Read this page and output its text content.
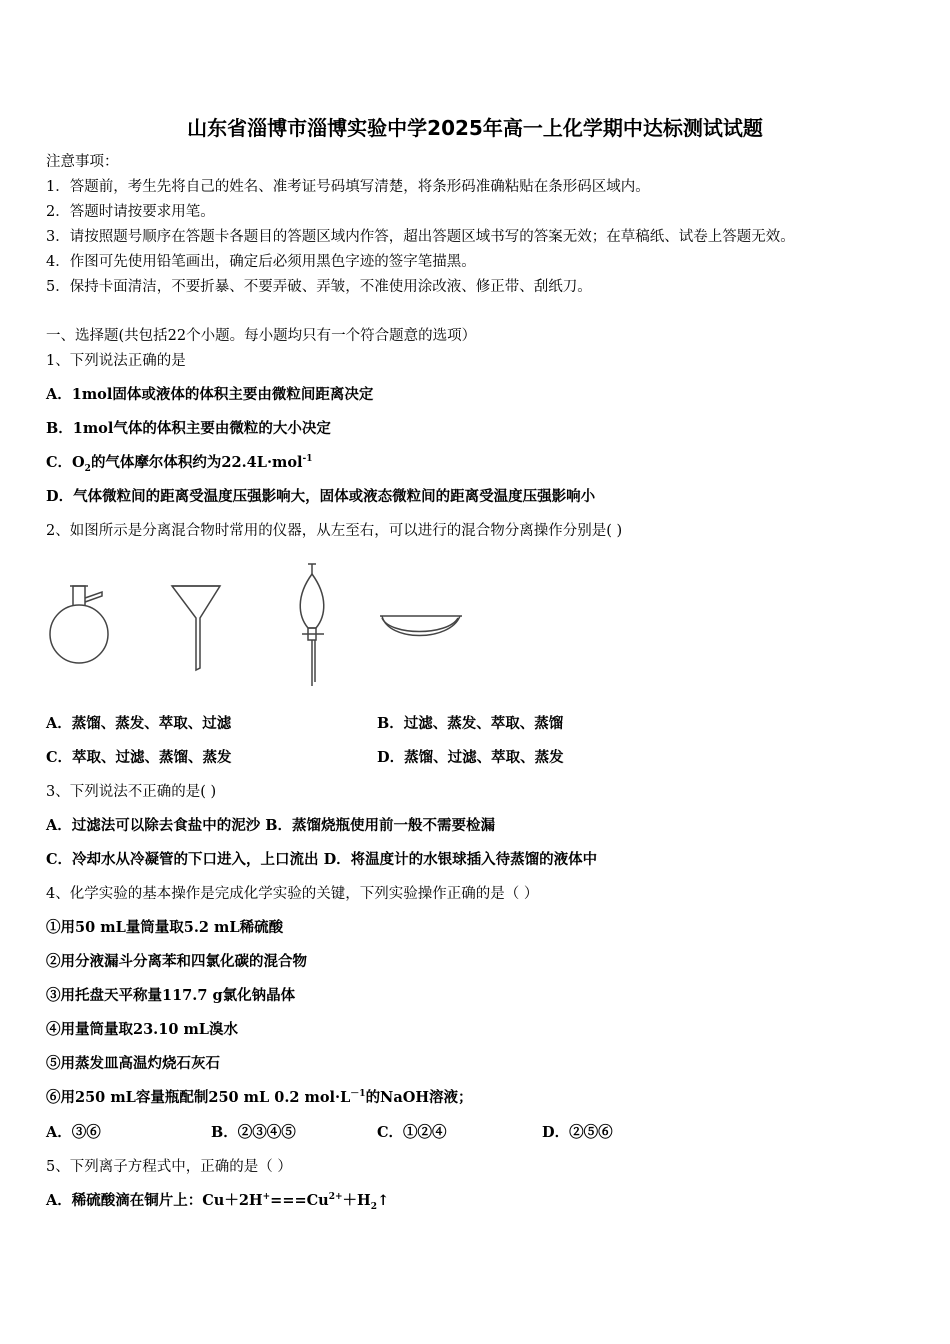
山东省淄博市淄博实验中学2025年高一上化学期中达标测试试题
注意事项：
1．答题前，考生先将自己的姓名、准考证号码填写清楚，将条形码准确粘贴在条形码区域内。
2．答题时请按要求用笔。
3．请按照题号顺序在答题卡各题目的答题区域内作答，超出答题区域书写的答案无效；在草稿纸、试卷上答题无效。
4．作图可先使用铅笔画出，确定后必须用黑色字迹的签字笔描黑。
5．保持卡面清洁，不要折暴、不要弄破、弄皱，不准使用涂改液、修正带、刮纸刀。
一、选择题(共包括22个小题。每小题均只有一个符合题意的选项）
1、下列说法正确的是
A．1mol固体或液体的体积主要由微粒间距离决定
B．1mol气体的体积主要由微粒的大小决定
C．$O_2$的气体摩尔体积约为22.4L·mol$^{-1}$
D．气体微粒间的距离受温度压强影响大，固体或液态微粒间的距离受温度压强影响小
2、如图所示是分离混合物时常用的仪器，从左至右，可以进行的混合物分离操作分别是( )
A．蒸馏、蒸发、萃取、过滤	B．过滤、蒸发、萃取、蒸馏
C．萃取、过滤、蒸馏、蒸发	D．蒸馏、过滤、萃取、蒸发
3、下列说法不正确的是( )
A．过滤法可以除去食盐中的泥沙 B．蒸馏烧瓶使用前一般不需要检漏
C．冷却水从冷凝管的下口进入，上口流出 D．将温度计的水银球插入待蒸馏的液体中
4、化学实验的基本操作是完成化学实验的关键，下列实验操作正确的是（ ）
①用50 mL量筒量取5.2 mL稀硫酸
②用分液漏斗分离苯和四氯化碳的混合物
③用托盘天平称量117.7 g氯化钠晶体
④用量筒量取23.10 mL溴水
⑤用蒸发皿高温灼烧石灰石
⑥用250 mL容量瓶配制250 mL 0.2 $mol\cdot L^{-1}$的NaOH溶液；
A．③⑥	B．②③④⑤	C．①②④	D．②⑤⑥
5、下列离子方程式中，正确的是（ ）
A．稀硫酸滴在铜片上：$Cu+2H^+===Cu^{2+}+H_2↑$
